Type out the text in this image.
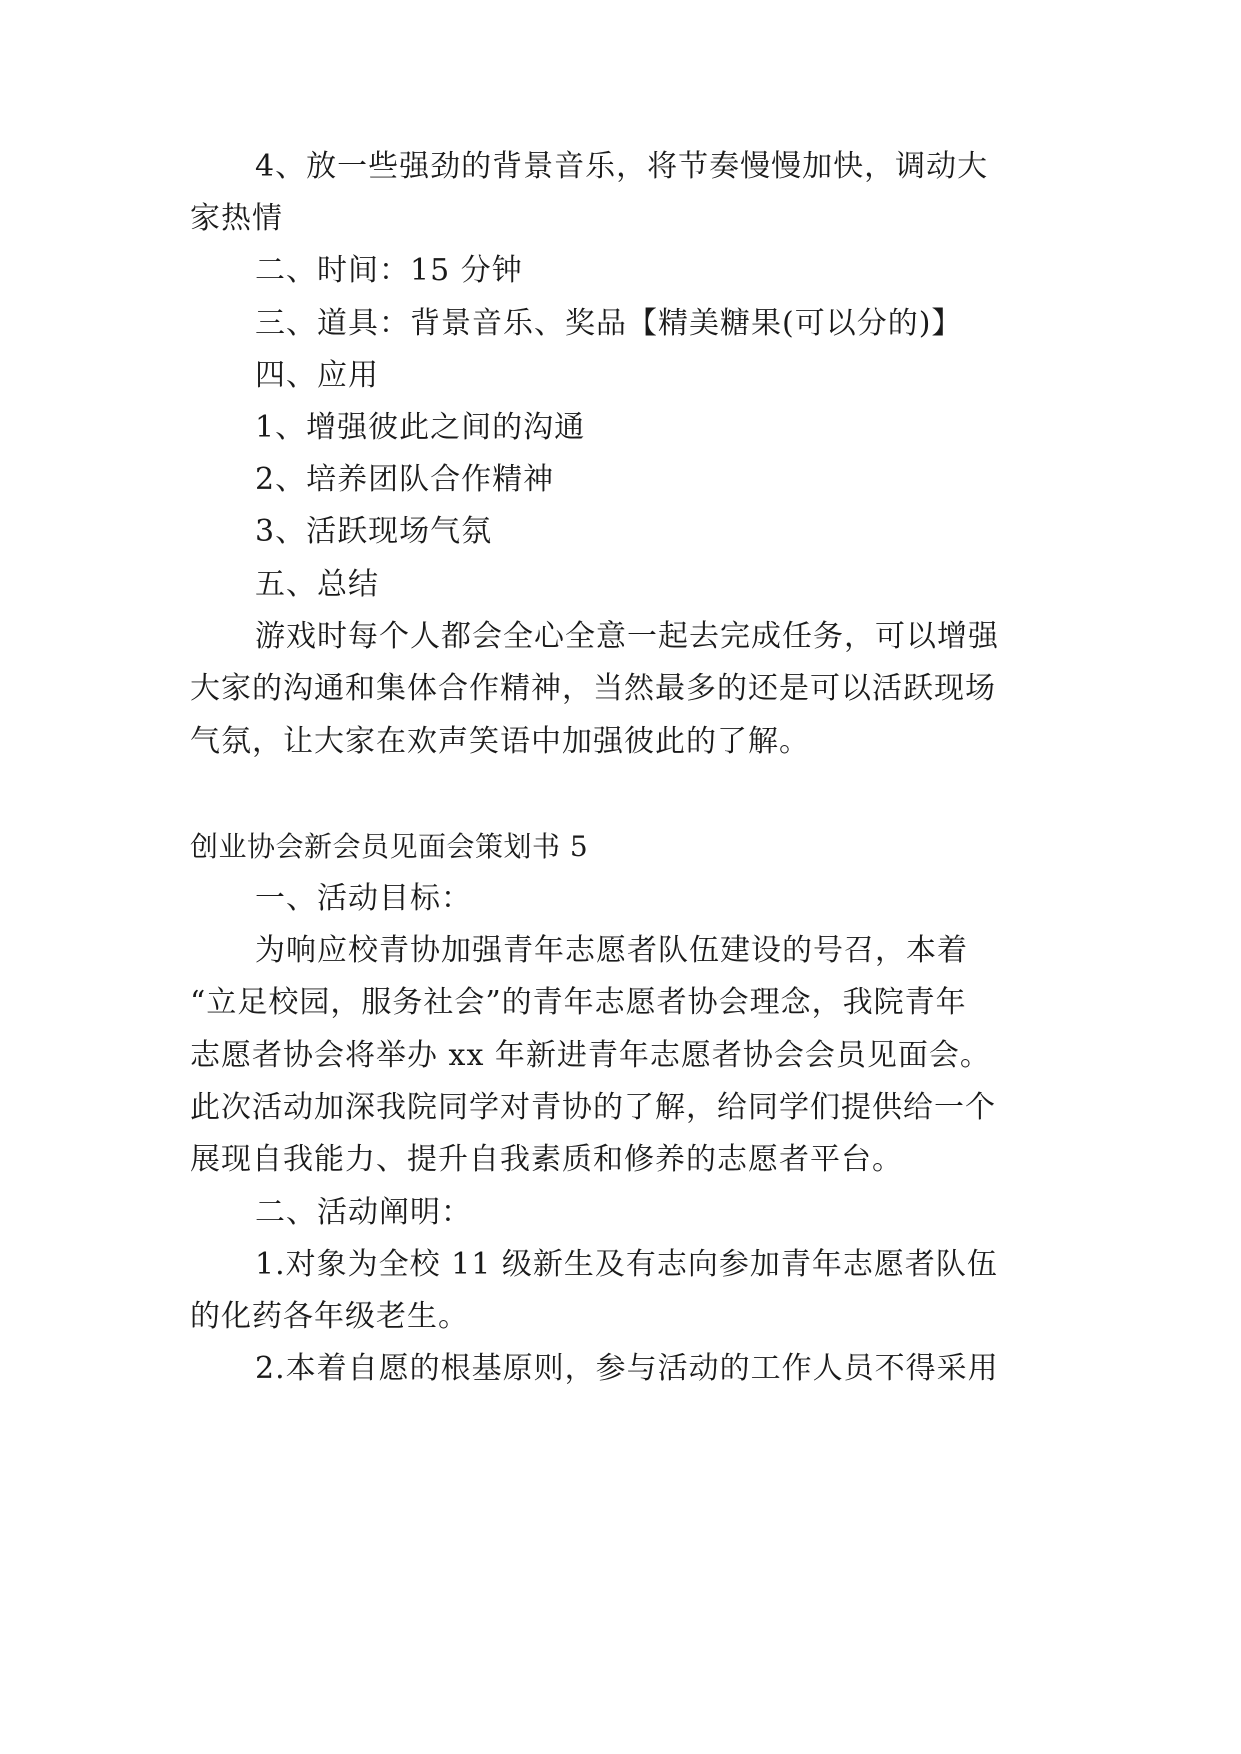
4、放一些强劲的背景音乐，将节奏慢慢加快，调动大
家热情
二、时间：15 分钟
三、道具：背景音乐、奖品【精美糖果(可以分的)】
四、应用
1、增强彼此之间的沟通
2、培养团队合作精神
3、活跃现场气氛
五、总结
游戏时每个人都会全心全意一起去完成任务，可以增强
大家的沟通和集体合作精神，当然最多的还是可以活跃现场
气氛，让大家在欢声笑语中加强彼此的了解。
创业协会新会员见面会策划书 5
一、活动目标：
为响应校青协加强青年志愿者队伍建设的号召，本着
“立足校园，服务社会”的青年志愿者协会理念，我院青年
志愿者协会将举办 xx 年新进青年志愿者协会会员见面会。
此次活动加深我院同学对青协的了解，给同学们提供给一个
展现自我能力、提升自我素质和修养的志愿者平台。
二、活动阐明：
1.对象为全校 11 级新生及有志向参加青年志愿者队伍
的化药各年级老生。
2.本着自愿的根基原则，参与活动的工作人员不得采用
